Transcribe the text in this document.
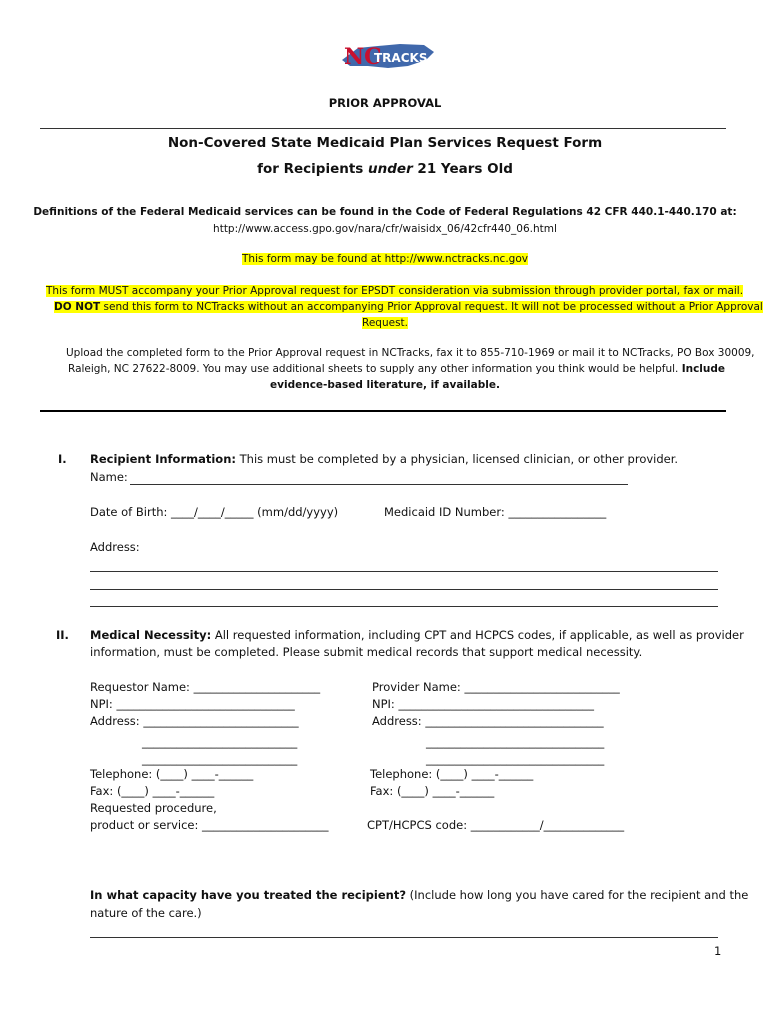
NC
TRACKS
PRIOR APPROVAL
Non-Covered State Medicaid Plan Services Request Form
for Recipients under 21 Years Old
Definitions of the Federal Medicaid services can be found in the Code of Federal Regulations 42 CFR 440.1-440.170 at:
http://www.access.gpo.gov/nara/cfr/waisidx_06/42cfr440_06.html
This form may be found at http://www.nctracks.nc.gov
This form MUST accompany your Prior Approval request for EPSDT consideration via submission through provider portal, fax or mail.
DO NOT send this form to NCTracks without an accompanying Prior Approval request. It will not be processed without a Prior Approval
Request.
Upload the completed form to the Prior Approval request in NCTracks, fax it to 855-710-1969 or mail it to NCTracks, PO Box 30009,
Raleigh, NC 27622-8009. You may use additional sheets to supply any other information you think would be helpful. Include
evidence-based literature, if available.
I. Recipient Information: This must be completed by a physician, licensed clinician, or other provider.
Name:
Date of Birth: ____/____/_____ (mm/dd/yyyy)	Medicaid ID Number: _________________
Address:
II. Medical Necessity: All requested information, including CPT and HCPCS codes, if applicable, as well as provider
information, must be completed. Please submit medical records that support medical necessity.
Requestor Name: ______________________
NPI: _______________________________
Address: ___________________________
___________________________
___________________________
Telephone: (____) ____-______
Fax: (____) ____-______
Requested procedure,
product or service: ______________________
Provider Name: ___________________________
NPI: __________________________________
Address: _______________________________
_______________________________
_______________________________
Telephone: (____) ____-______
Fax: (____) ____-______
CPT/HCPCS code: ____________/______________
In what capacity have you treated the recipient? (Include how long you have cared for the recipient and the
nature of the care.)
1
